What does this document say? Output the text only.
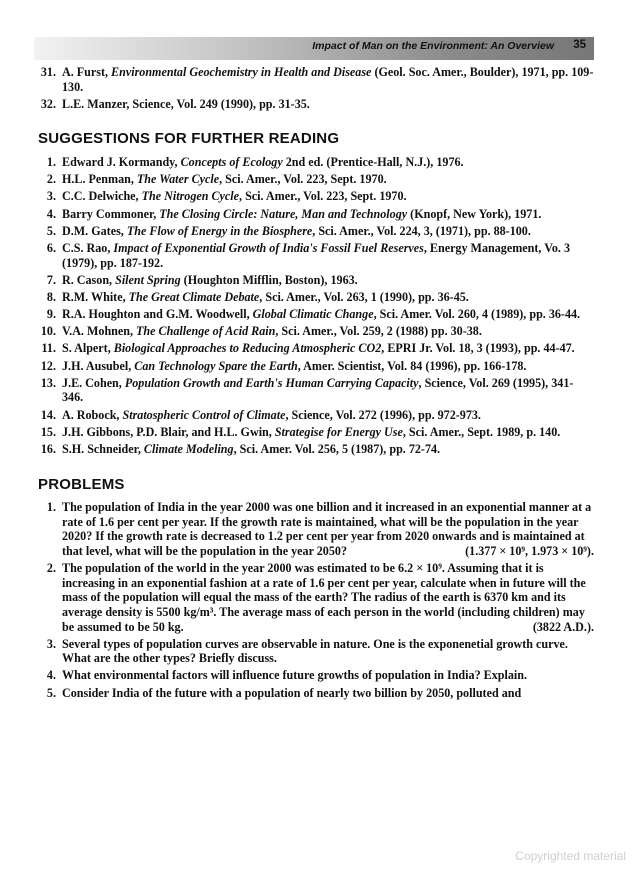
Impact of Man on the Environment: An Overview 35
31. A. Furst, Environmental Geochemistry in Health and Disease (Geol. Soc. Amer., Boulder), 1971, pp. 109-130.
32. L.E. Manzer, Science, Vol. 249 (1990), pp. 31-35.
SUGGESTIONS FOR FURTHER READING
1. Edward J. Kormandy, Concepts of Ecology 2nd ed. (Prentice-Hall, N.J.), 1976.
2. H.L. Penman, The Water Cycle, Sci. Amer., Vol. 223, Sept. 1970.
3. C.C. Delwiche, The Nitrogen Cycle, Sci. Amer., Vol. 223, Sept. 1970.
4. Barry Commoner, The Closing Circle: Nature, Man and Technology (Knopf, New York), 1971.
5. D.M. Gates, The Flow of Energy in the Biosphere, Sci. Amer., Vol. 224, 3, (1971), pp. 88-100.
6. C.S. Rao, Impact of Exponential Growth of India's Fossil Fuel Reserves, Energy Management, Vo. 3 (1979), pp. 187-192.
7. R. Cason, Silent Spring (Houghton Mifflin, Boston), 1963.
8. R.M. White, The Great Climate Debate, Sci. Amer., Vol. 263, 1 (1990), pp. 36-45.
9. R.A. Houghton and G.M. Woodwell, Global Climatic Change, Sci. Amer. Vol. 260, 4 (1989), pp. 36-44.
10. V.A. Mohnen, The Challenge of Acid Rain, Sci. Amer., Vol. 259, 2 (1988) pp. 30-38.
11. S. Alpert, Biological Approaches to Reducing Atmospheric CO2, EPRI Jr. Vol. 18, 3 (1993), pp. 44-47.
12. J.H. Ausubel, Can Technology Spare the Earth, Amer. Scientist, Vol. 84 (1996), pp. 166-178.
13. J.E. Cohen, Population Growth and Earth's Human Carrying Capacity, Science, Vol. 269 (1995), 341-346.
14. A. Robock, Stratospheric Control of Climate, Science, Vol. 272 (1996), pp. 972-973.
15. J.H. Gibbons, P.D. Blair, and H.L. Gwin, Strategise for Energy Use, Sci. Amer., Sept. 1989, p. 140.
16. S.H. Schneider, Climate Modeling, Sci. Amer. Vol. 256, 5 (1987), pp. 72-74.
PROBLEMS
1. The population of India in the year 2000 was one billion and it increased in an exponential manner at a rate of 1.6 per cent per year. If the growth rate is maintained, what will be the population in the year 2020? If the growth rate is decreased to 1.2 per cent per year from 2020 onwards and is maintained at that level, what will be the population in the year 2050?	(1.377 × 10⁹, 1.973 × 10⁹).
2. The population of the world in the year 2000 was estimated to be 6.2 × 10⁹. Assuming that it is increasing in an exponential fashion at a rate of 1.6 per cent per year, calculate when in future will the mass of the population will equal the mass of the earth? The radius of the earth is 6370 km and its average density is 5500 kg/m³. The average mass of each person in the world (including children) may be assumed to be 50 kg.	(3822 A.D.).
3. Several types of population curves are observable in nature. One is the exponenetial growth curve. What are the other types? Briefly discuss.
4. What environmental factors will influence future growths of population in India? Explain.
5. Consider India of the future with a population of nearly two billion by 2050, polluted and
Copyrighted material
